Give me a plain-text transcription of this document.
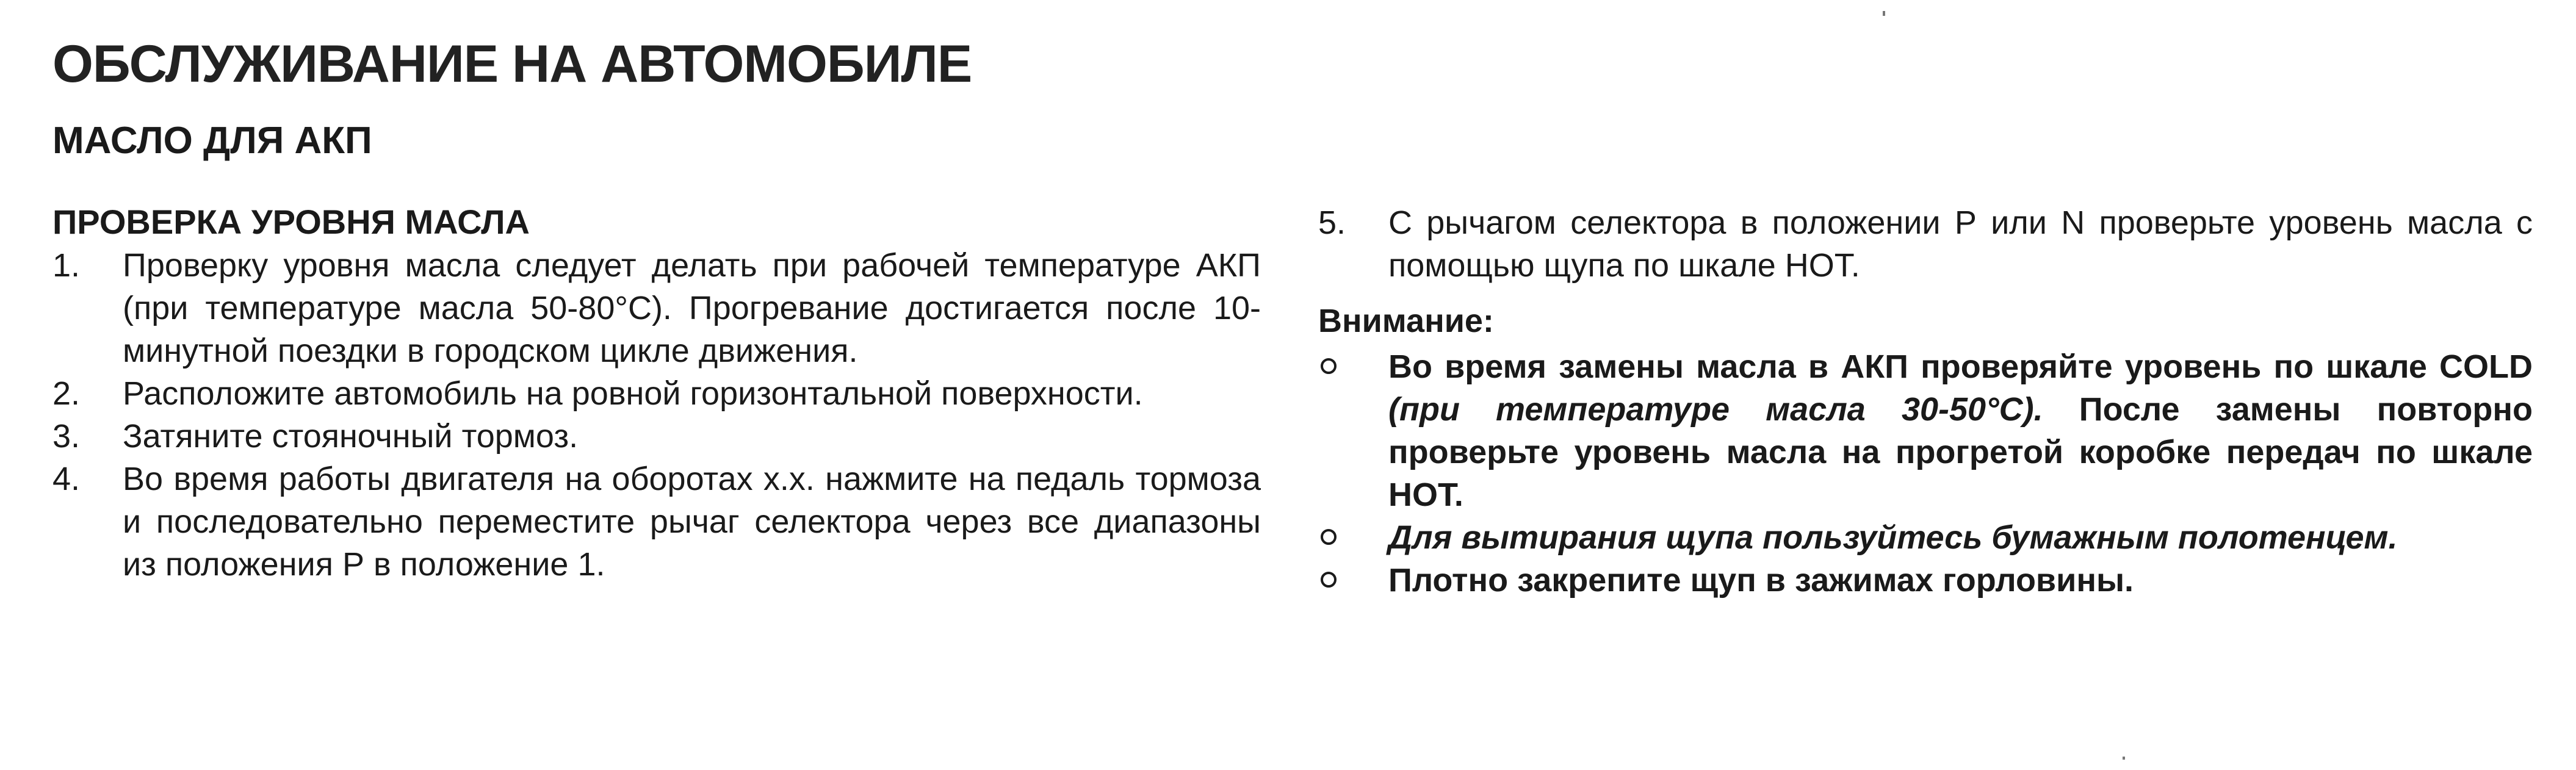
ОБСЛУЖИВАНИЕ НА АВТОМОБИЛЕ
МАСЛО ДЛЯ АКП
ПРОВЕРКА УРОВНЯ МАСЛА
1. Проверку уровня масла следует делать при рабочей температуре АКП (при температуре масла 50-80°С). Прогревание достигается после 10-минутной поездки в городском цикле движения.
2. Расположите автомобиль на ровной горизонтальной поверхности.
3. Затяните стояночный тормоз.
4. Во время работы двигателя на оборотах х.х. нажмите на педаль тормоза и последовательно переместите рычаг селектора через все диапазоны из положения Р в положение 1.
5. С рычагом селектора в положении Р или N проверьте уровень масла с помощью щупа по шкале НОТ.
Внимание:
Во время замены масла в АКП проверяйте уровень по шкале COLD (при температуре масла 30-50°С). После замены повторно проверьте уровень масла на прогретой коробке передач по шкале НОТ.
Для вытирания щупа пользуйтесь бумажным полотенцем.
Плотно закрепите щуп в зажимах горловины.
